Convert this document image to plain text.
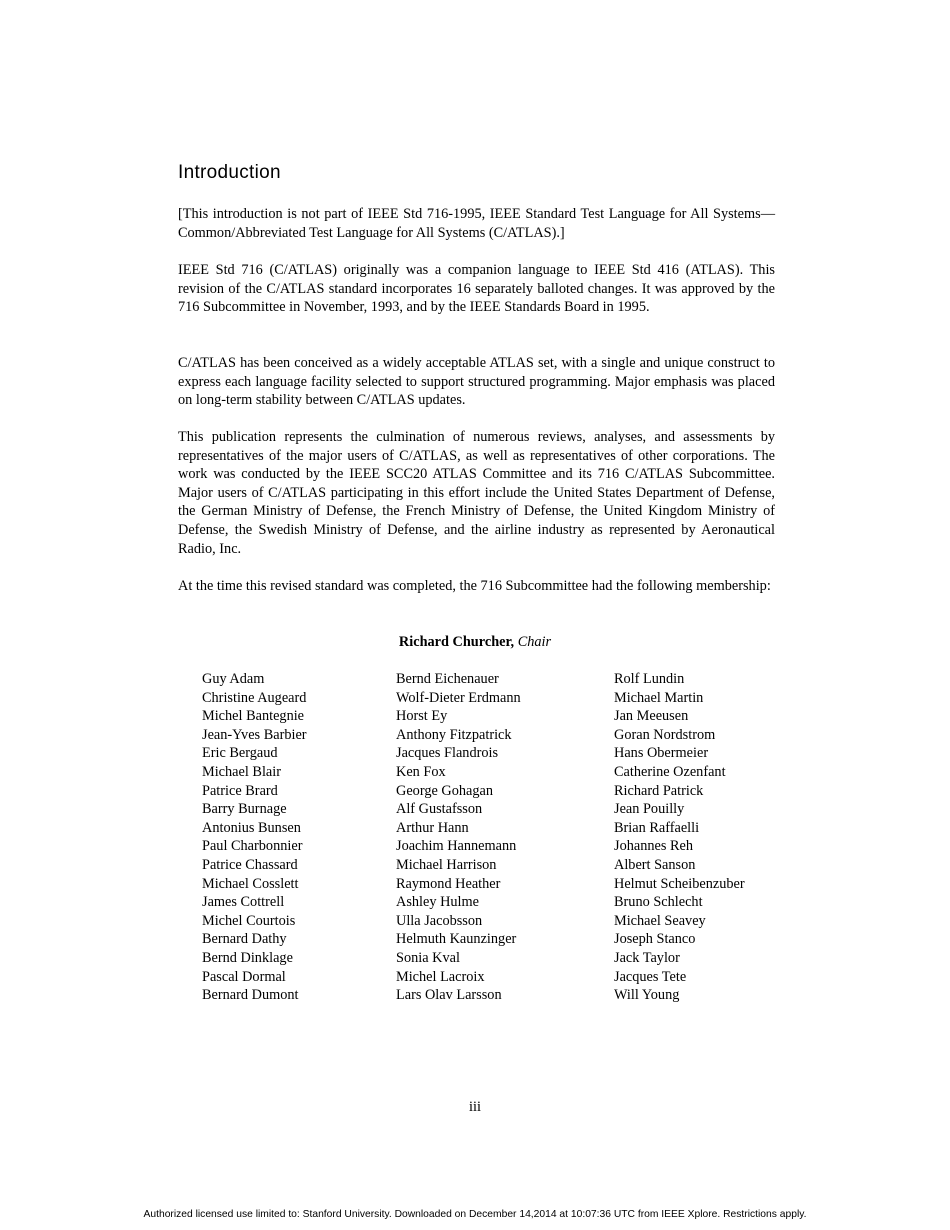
Introduction

[This introduction is not part of IEEE Std 716-1995, IEEE Standard Test Language for All Systems—Common/Abbreviated Test Language for All Systems (C/ATLAS).]

IEEE Std 716 (C/ATLAS) originally was a companion language to IEEE Std 416 (ATLAS). This revision of the C/ATLAS standard incorporates 16 separately balloted changes. It was approved by the 716 Subcommittee in November, 1993, and by the IEEE Standards Board in 1995.

C/ATLAS has been conceived as a widely acceptable ATLAS set, with a single and unique construct to express each language facility selected to support structured programming. Major emphasis was placed on long-term stability between C/ATLAS updates.

This publication represents the culmination of numerous reviews, analyses, and assessments by representatives of the major users of C/ATLAS, as well as representatives of other corporations. The work was conducted by the IEEE SCC20 ATLAS Committee and its 716 C/ATLAS Subcommittee. Major users of C/ATLAS participating in this effort include the United States Department of Defense, the German Ministry of Defense, the French Ministry of Defense, the United Kingdom Ministry of Defense, the Swedish Ministry of Defense, and the airline industry as represented by Aeronautical Radio, Inc.

At the time this revised standard was completed, the 716 Subcommittee had the following membership:

Richard Churcher, Chair
Guy Adam
Christine Augeard
Michel Bantegnie
Jean-Yves Barbier
Eric Bergaud
Michael Blair
Patrice Brard
Barry Burnage
Antonius Bunsen
Paul Charbonnier
Patrice Chassard
Michael Cosslett
James Cottrell
Michel Courtois
Bernard Dathy
Bernd Dinklage
Pascal Dormal
Bernard Dumont
Bernd Eichenauer
Wolf-Dieter Erdmann
Horst Ey
Anthony Fitzpatrick
Jacques Flandrois
Ken Fox
George Gohagan
Alf Gustafsson
Arthur Hann
Joachim Hannemann
Michael Harrison
Raymond Heather
Ashley Hulme
Ulla Jacobsson
Helmuth Kaunzinger
Sonia Kval
Michel Lacroix
Lars Olav Larsson
Rolf Lundin
Michael Martin
Jan Meeusen
Goran Nordstrom
Hans Obermeier
Catherine Ozenfant
Richard Patrick
Jean Pouilly
Brian Raffaelli
Johannes Reh
Albert Sanson
Helmut Scheibenzuber
Bruno Schlecht
Michael Seavey
Joseph Stanco
Jack Taylor
Jacques Tete
Will Young
iii
Authorized licensed use limited to: Stanford University. Downloaded on December 14,2014 at 10:07:36 UTC from IEEE Xplore. Restrictions apply.
